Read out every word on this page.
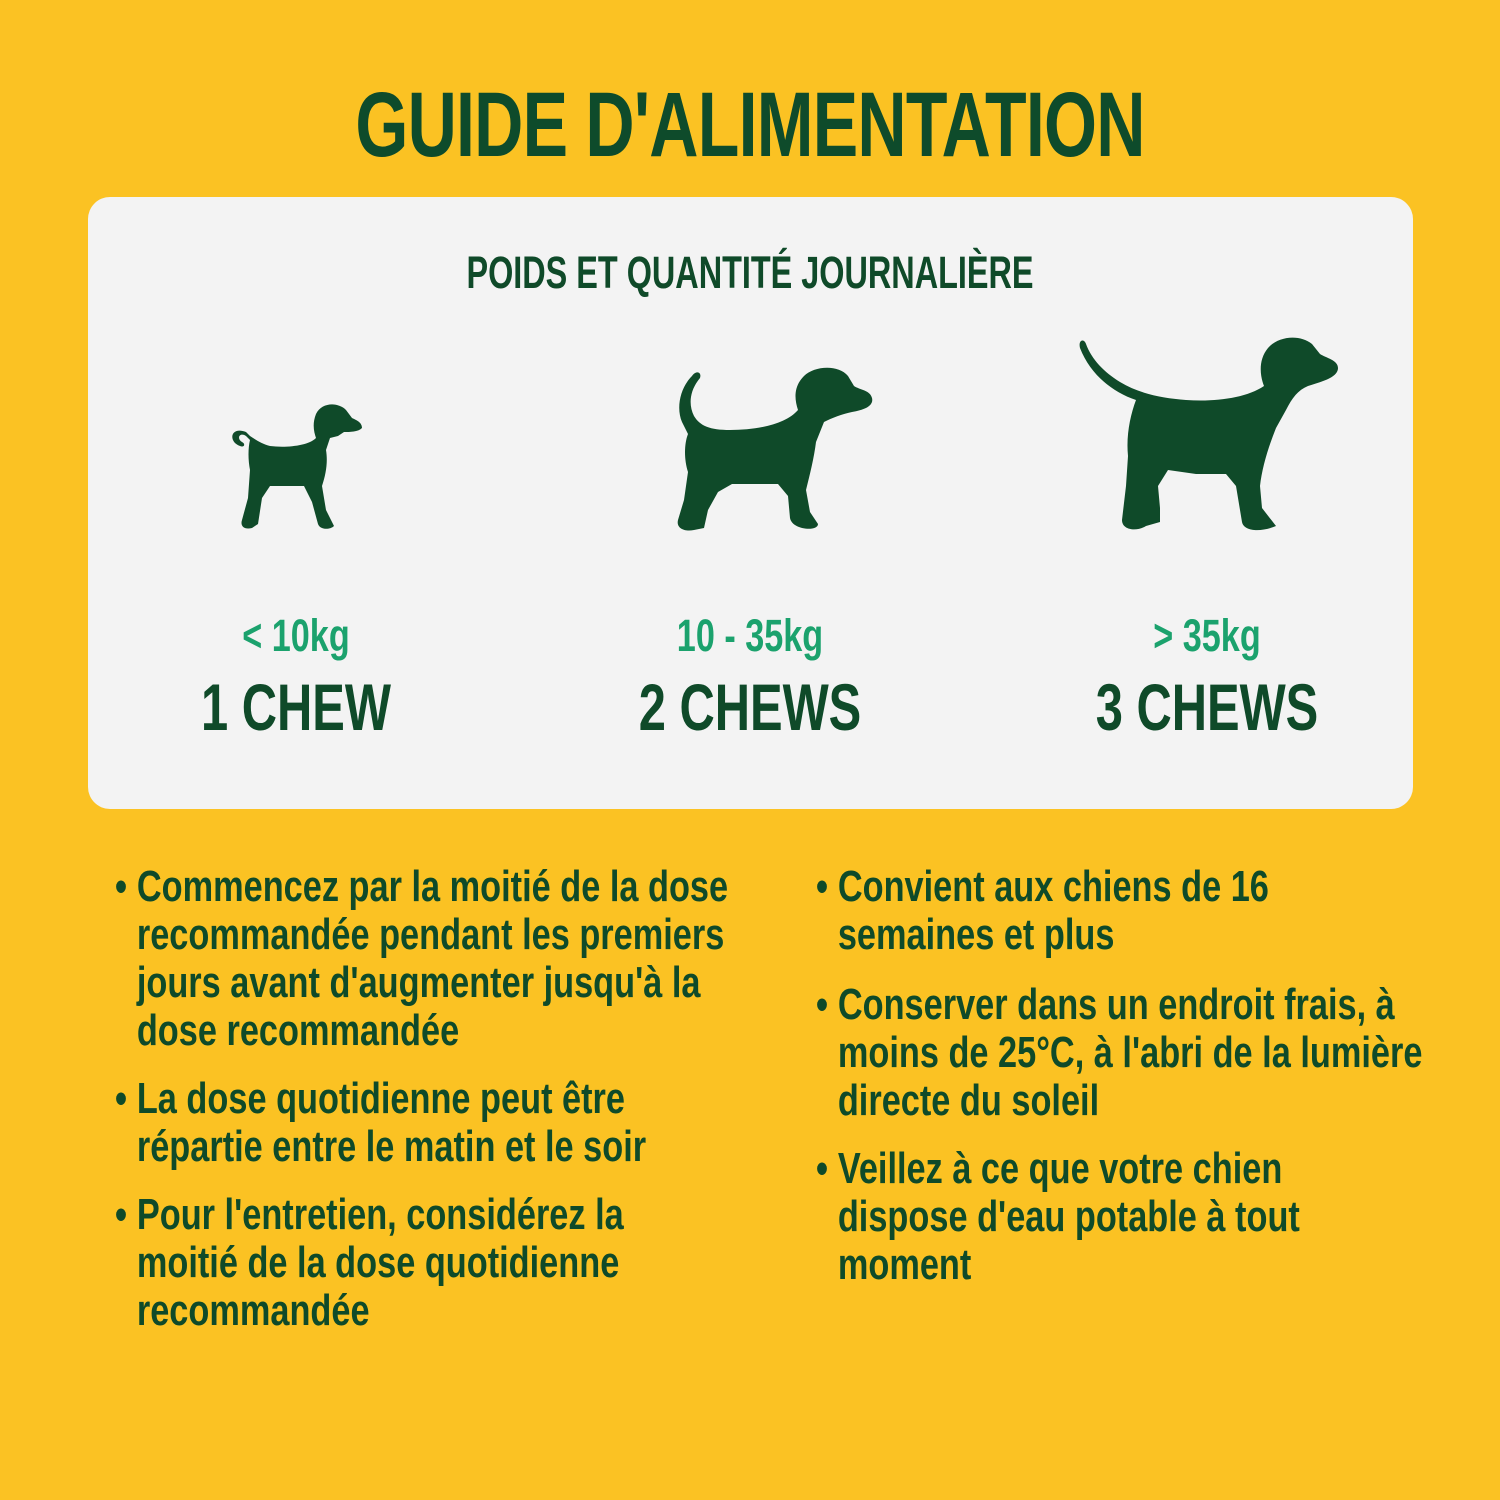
GUIDE D'ALIMENTATION
POIDS ET QUANTITÉ JOURNALIÈRE
< 10kg
1 CHEW
10 - 35kg
2 CHEWS
> 35kg
3 CHEWS
• Commencez par la moitié de la dose recommandée pendant les premiers jours avant d'augmenter jusqu'à la dose recommandée
• La dose quotidienne peut être répartie entre le matin et le soir
• Pour l'entretien, considérez la moitié de la dose quotidienne recommandée
• Convient aux chiens de 16 semaines et plus
• Conserver dans un endroit frais, à moins de 25°C, à l'abri de la lumière directe du soleil
• Veillez à ce que votre chien dispose d'eau potable à tout moment
